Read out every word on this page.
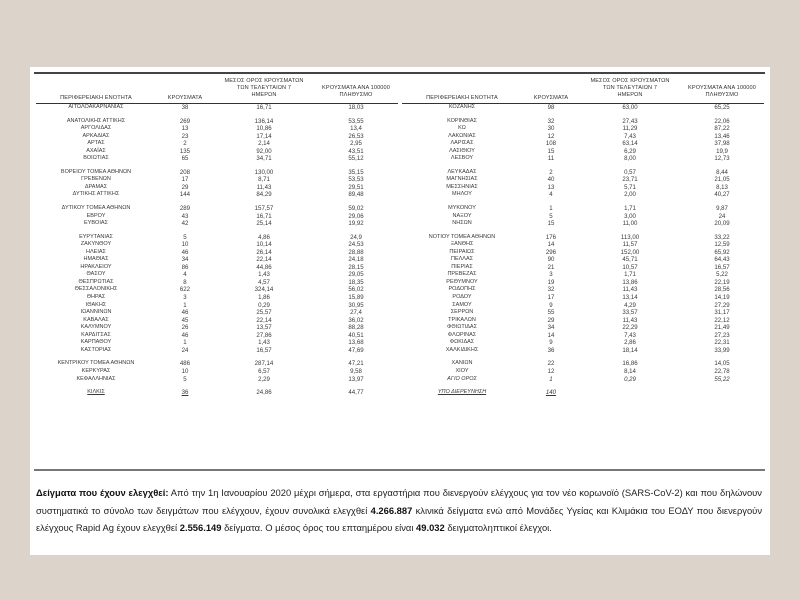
ΠΕΡΙΦΕΡΕΙΑΚΗ ΕΝΟΤΗΤΑ	ΚΡΟΥΣΜΑΤΑ
ΜΕΣΟΣ ΟΡΟΣ ΚΡΟΥΣΜΑΤΩΝ
ΤΩΝ ΤΕΛΕΥΤΑΙΩΝ 7
ΗΜΕΡΩΝ
ΚΡΟΥΣΜΑΤΑ ΑΝΑ 100000
ΠΛΗΘΥΣΜΟ
ΑΙΤΩΛΟΑΚΑΡΝΑΝΙΑΣ	38	16,71	18,03
ΑΝΑΤΟΛΙΚΗΣ ΑΤΤΙΚΗΣ	269	136,14	53,55
ΑΡΓΟΛΙΔΑΣ	13	10,86	13,4
ΑΡΚΑΔΙΑΣ	23	17,14	26,53
ΑΡΤΑΣ	2	2,14	2,95
ΑΧΑΪΑΣ	135	92,00	43,51
ΒΟΙΩΤΙΑΣ	65	34,71	55,12
ΒΟΡΕΙΟΥ ΤΟΜΕΑ ΑΘΗΝΩΝ	208	130,00	35,15
ΓΡΕΒΕΝΩΝ	17	8,71	53,53
ΔΡΑΜΑΣ	29	11,43	29,51
ΔΥΤΙΚΗΣ ΑΤΤΙΚΗΣ	144	84,29	89,48
ΔΥΤΙΚΟΥ ΤΟΜΕΑ ΑΘΗΝΩΝ	289	157,57	59,02
ΕΒΡΟΥ	43	16,71	29,06
ΕΥΒΟΙΑΣ	42	25,14	19,92
ΕΥΡΥΤΑΝΙΑΣ	5	4,86	24,9
ΖΑΚΥΝΘΟΥ	10	10,14	24,53
ΗΛΕΙΑΣ	46	26,14	28,88
ΗΜΑΘΙΑΣ	34	22,14	24,18
ΗΡΑΚΛΕΙΟΥ	86	44,86	28,15
ΘΑΣΟΥ	4	1,43	29,05
ΘΕΣΠΡΩΤΙΑΣ	8	4,57	18,35
ΘΕΣΣΑΛΟΝΙΚΗΣ	622	324,14	56,02
ΘΗΡΑΣ	3	1,86	15,89
ΙΘΑΚΗΣ	1	0,29	30,95
ΙΩΑΝΝΙΝΩΝ	46	25,57	27,4
ΚΑΒΑΛΑΣ	45	22,14	36,02
ΚΑΛΥΜΝΟΥ	26	13,57	88,28
ΚΑΡΔΙΤΣΑΣ	46	27,86	40,51
ΚΑΡΠΑΘΟΥ	1	1,43	13,68
ΚΑΣΤΟΡΙΑΣ	24	16,57	47,69
ΚΕΝΤΡΙΚΟΥ ΤΟΜΕΑ ΑΘΗΝΩΝ	486	287,14	47,21
ΚΕΡΚΥΡΑΣ	10	6,57	9,58
ΚΕΦΑΛΛΗΝΙΑΣ	5	2,29	13,97
ΚΙΛΚΙΣ	36	24,86	44,77
ΠΕΡΙΦΕΡΕΙΑΚΗ ΕΝΟΤΗΤΑ	ΚΡΟΥΣΜΑΤΑ
ΜΕΣΟΣ ΟΡΟΣ ΚΡΟΥΣΜΑΤΩΝ
ΤΩΝ ΤΕΛΕΥΤΑΙΩΝ 7
ΗΜΕΡΩΝ
ΚΡΟΥΣΜΑΤΑ ΑΝΑ 100000
ΠΛΗΘΥΣΜΟ
ΚΟΖΑΝΗΣ	98	63,00	65,25
ΚΟΡΙΝΘΙΑΣ	32	27,43	22,06
ΚΩ	30	11,29	87,22
ΛΑΚΩΝΙΑΣ	12	7,43	13,46
ΛΑΡΙΣΑΣ	108	63,14	37,98
ΛΑΣΙΘΙΟΥ	15	6,29	19,9
ΛΕΣΒΟΥ	11	8,00	12,73
ΛΕΥΚΑΔΑΣ	2	0,57	8,44
ΜΑΓΝΗΣΙΑΣ	40	23,71	21,05
ΜΕΣΣΗΝΙΑΣ	13	5,71	8,13
ΜΗΛΟΥ	4	2,00	40,27
ΜΥΚΟΝΟΥ	1	1,71	9,87
ΝΑΞΟΥ	5	3,00	24
ΝΗΣΩΝ	15	11,00	20,09
ΝΟΤΙΟΥ ΤΟΜΕΑ ΑΘΗΝΩΝ	176	113,00	33,22
ΞΑΝΘΗΣ	14	11,57	12,59
ΠΕΙΡΑΙΩΣ	296	152,00	65,92
ΠΕΛΛΑΣ	90	45,71	64,43
ΠΙΕΡΙΑΣ	21	10,57	16,57
ΠΡΕΒΕΖΑΣ	3	1,71	5,22
ΡΕΘΥΜΝΟΥ	19	13,86	22,19
ΡΟΔΟΠΗΣ	32	11,43	28,56
ΡΟΔΟΥ	17	13,14	14,19
ΣΑΜΟΥ	9	4,29	27,29
ΣΕΡΡΩΝ	55	33,57	31,17
ΤΡΙΚΑΛΩΝ	29	11,43	22,12
ΦΘΙΩΤΙΔΑΣ	34	22,29	21,49
ΦΛΩΡΙΝΑΣ	14	7,43	27,23
ΦΩΚΙΔΑΣ	9	2,86	22,31
ΧΑΛΚΙΔΙΚΗΣ	36	18,14	33,99
ΧΑΝΙΩΝ	22	16,86	14,05
ΧΙΟΥ	12	8,14	22,78
ΑΓΙΟ ΟΡΟΣ	1	0,29	55,22
ΥΠΟ ΔΙΕΡΕΥΝΗΣΗ	140

Δείγματα που έχουν ελεγχθεί: Από την 1η Ιανουαρίου 2020 μέχρι σήμερα, στα εργαστήρια που διενεργούν ελέγχους για τον νέο κορωνοϊό (SARS-CoV-2) και που δηλώνουν συστηματικά το σύνολο των δειγμάτων που ελέγχουν, έχουν συνολικά ελεγχθεί 4.266.887 κλινικά δείγματα ενώ από Μονάδες Υγείας και Κλιμάκια του ΕΟΔΥ που διενεργούν ελέγχους Rapid Ag έχουν ελεγχθεί 2.556.149 δείγματα. Ο μέσος όρος του επταημέρου είναι 49.032 δειγματοληπτικοί έλεγχοι.
